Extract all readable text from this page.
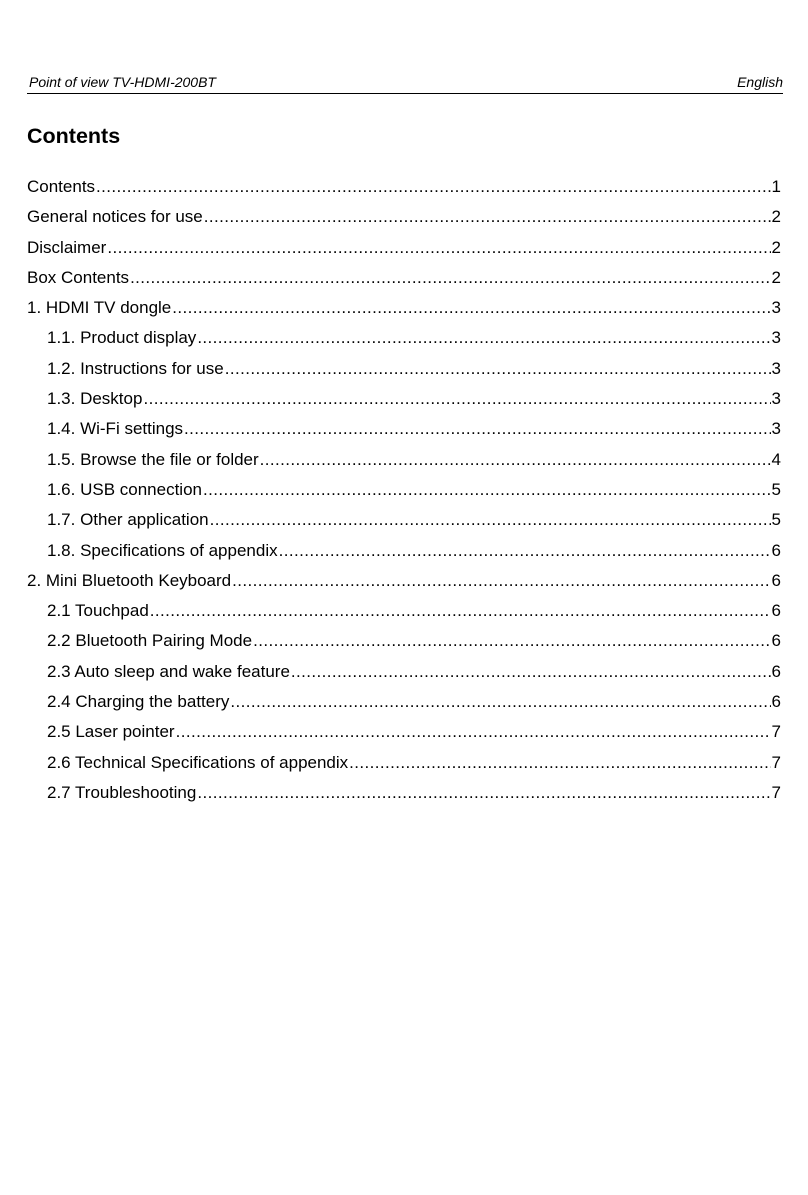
Point of view TV-HDMI-200BT	English
Contents
Contents .....	1
General notices for use .....	2
Disclaimer .....	2
Box Contents .....	2
1. HDMI TV dongle .....	3
1.1. Product display .....	3
1.2. Instructions for use .....	3
1.3. Desktop .....	3
1.4. Wi-Fi settings .....	3
1.5. Browse the file or folder .....	4
1.6. USB connection .....	5
1.7. Other application .....	5
1.8. Specifications of appendix .....	6
2. Mini Bluetooth Keyboard .....	6
2.1 Touchpad .....	6
2.2 Bluetooth Pairing Mode .....	6
2.3 Auto sleep and wake feature .....	6
2.4 Charging the battery .....	6
2.5 Laser pointer .....	7
2.6 Technical Specifications of appendix .....	7
2.7 Troubleshooting .....	7
